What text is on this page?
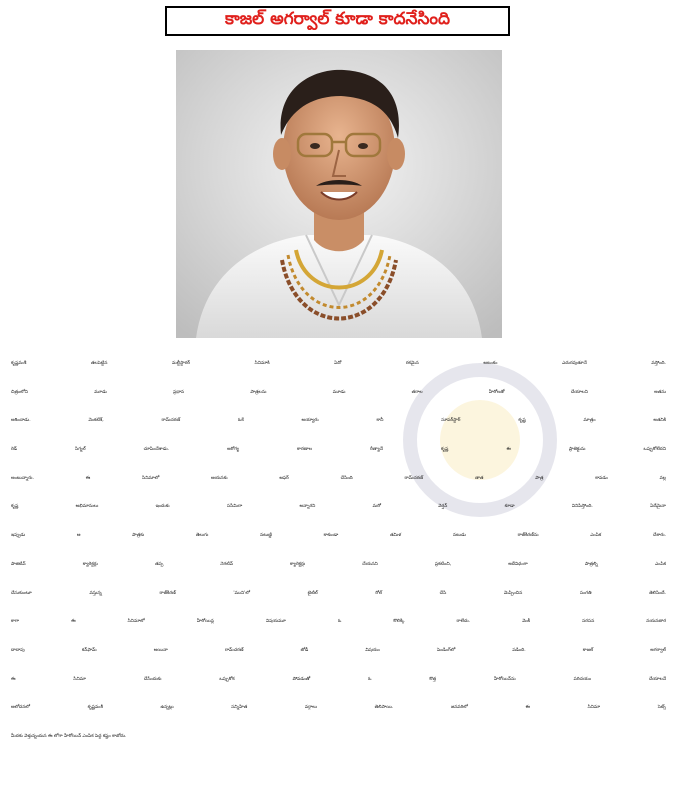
కాజల్ అగర్వాల్ కూడా కాదనేసింది
కృష్ణవంశీ తలపెట్టిన మల్టీస్టారర్ సినిమాకి ఏదో రకమైన ఆటంకం ఎదురవుతూనే వస్తోంది.
చిత్రంలోని మూడు ప్రధాన పాత్రలను మూడు తరాల హీరోలతో చేయాలని అతను
ఆశించాడు. వెంకటేశ్, రామ్‌చరణ్ ఓకే అయ్యారు కానీ సూపర్‌స్టార్ కృష్ణ మాత్రం అతనికి
రెడ్ సిగ్నల్ చూపించేశాడు. ఆరోగ్య కారణాల రీత్యానే కృష్ణ ఈ ప్రాజెక్టును ఒప్పుకోలేదని
అంటున్నారు. ఈ సినిమాలో ఆయనకు ఆఫర్ చేసింది రామ్‌చరణ్ తాత పాత్ర కావడం వల్ల
కృష్ణ అభిమానులు ఇందుకు ససేమిరా అన్నారని మరో వెర్షన్ కూడా వినిపిస్తోంది. ఏదేమైనా
ఇప్పుడు ఆ పాత్రకు తెలుగు నటుణ్ణి కాకుండా తమిళ నటుడు రాజ్‌కిరణ్‌ను ఎంపిక చేశారు.
పాజిటివ్ క్యారెక్టర్లు తప్ప నెగటివ్ క్యారెక్టర్లు చేయనని ప్రకటించి, అదేవిధంగా పాత్రల్ని ఎంపిక
చేసుకుంటూ వస్తున్న రాజ్‌కిరణ్ 'ముని'లో టైటిల్ రోల్ చేసి మెప్పించిన సంగతి తెలిసిందే.
కాగా ఈ సినిమాలో హీరోయిన్ల విషయమూ ఓ కొలిక్కి రాలేదు. వెంకీ సరసన నయనతార
దాదాపు కన్‌ఫామ్ అయినా రామ్‌చరణ్ జోడీ విషయం పెండింగ్‌లో పడింది. కాజల్ అగర్వాల్
ఈ సినిమా చేసేందుకు ఒప్పుకోక పోవడంతో ఓ కొత్త హీరోయిన్‌ను పరిచయం చేయాలనే
ఆలోచనలో కృష్ణవంశీ ఉన్నట్లు సన్నిహిత వర్గాలు తెలిపాయి. జనవరిలో ఈ సినిమా సెట్స్
మీదకు వెళ్తున్నందున ఈ లోగా హీరోయిన్ ఎంపిక పెద్ద కష్టం కాబోదు.
